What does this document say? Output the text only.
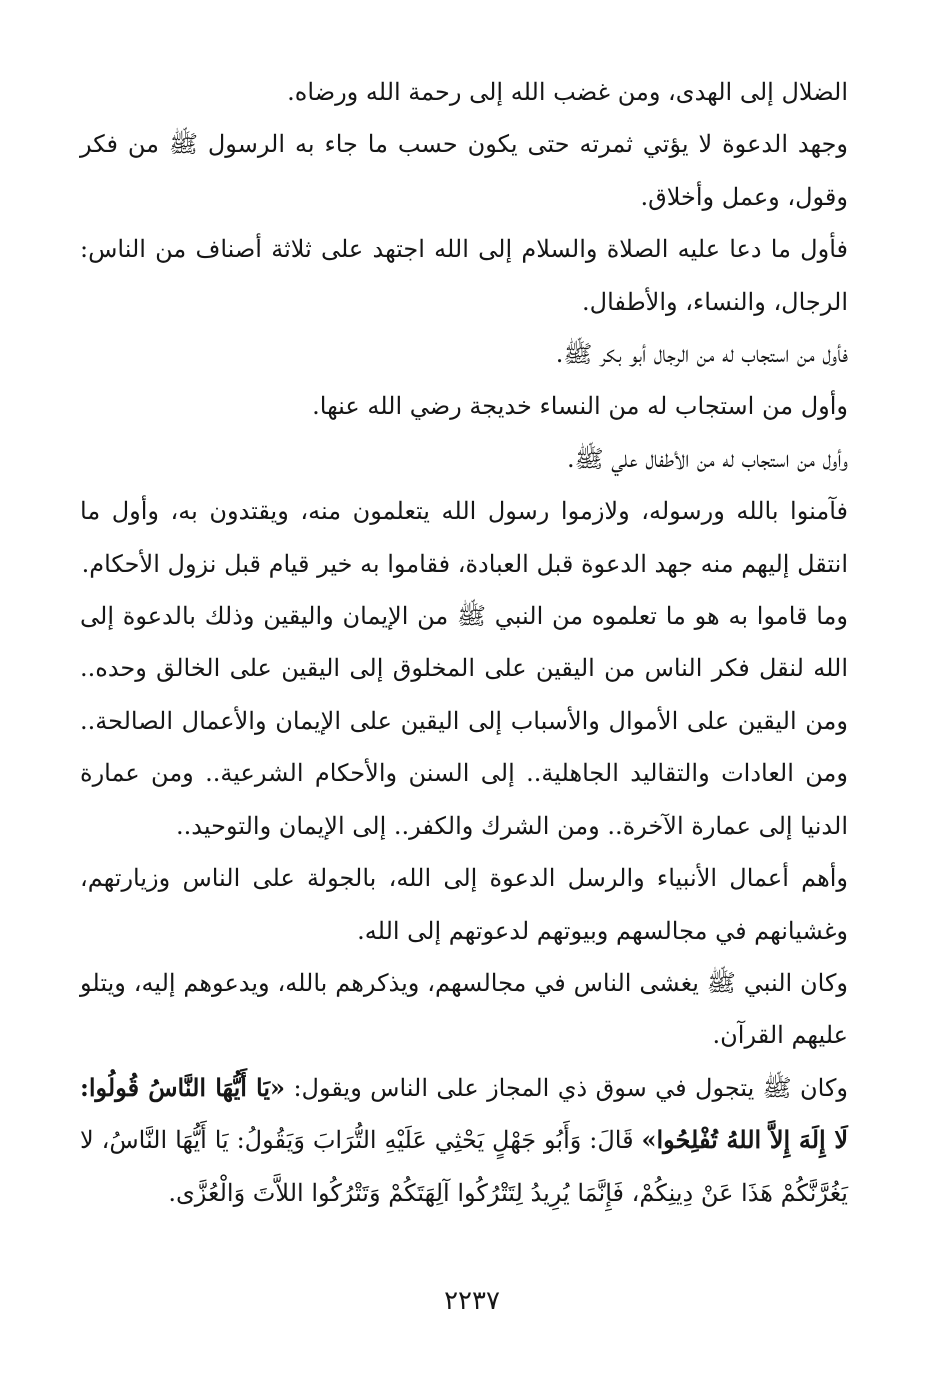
الضلال إلى الهدى، ومن غضب الله إلى رحمة الله ورضاه.

وجهد الدعوة لا يؤتي ثمرته حتى يكون حسب ما جاء به الرسول ﷺ من فكر وقول، وعمل وأخلاق.

فأول ما دعا عليه الصلاة والسلام إلى الله اجتهد على ثلاثة أصناف من الناس: الرجال، والنساء، والأطفال.

فأول من استجاب له من الرجال أبو بكر ﷺ.

وأول من استجاب له من النساء خديجة رضي الله عنها.

وأول من استجاب له من الأطفال علي ﷺ.

فآمنوا بالله ورسوله، ولازموا رسول الله يتعلمون منه، ويقتدون به، وأول ما انتقل إليهم منه جهد الدعوة قبل العبادة، فقاموا به خير قيام قبل نزول الأحكام.

وما قاموا به هو ما تعلموه من النبي ﷺ من الإيمان واليقين وذلك بالدعوة إلى الله لنقل فكر الناس من اليقين على المخلوق إلى اليقين على الخالق وحده.. ومن اليقين على الأموال والأسباب إلى اليقين على الإيمان والأعمال الصالحة.. ومن العادات والتقاليد الجاهلية.. إلى السنن والأحكام الشرعية.. ومن عمارة الدنيا إلى عمارة الآخرة.. ومن الشرك والكفر.. إلى الإيمان والتوحيد..

وأهم أعمال الأنبياء والرسل الدعوة إلى الله، بالجولة على الناس وزيارتهم، وغشيانهم في مجالسهم وبيوتهم لدعوتهم إلى الله.

وكان النبي ﷺ يغشى الناس في مجالسهم، ويذكرهم بالله، ويدعوهم إليه، ويتلو عليهم القرآن.

وكان ﷺ يتجول في سوق ذي المجاز على الناس ويقول: «يَا أَيُّهَا النَّاسُ قُولُوا: لَا إِلَهَ إِلاَّ اللهُ تُفْلِحُوا» قَالَ: وَأَبُو جَهْلٍ يَحْثِي عَلَيْهِ التُّرَابَ وَيَقُولُ: يَا أَيُّهَا النَّاسُ، لا يَغُرَّنَّكُمْ هَذَا عَنْ دِينِكُمْ، فَإِنَّمَا يُرِيدُ لِتَتْرُكُوا آلِهَتَكُمْ وَتَتْرُكُوا اللاَّتَ وَالْعُزَّى.

٢٢٣٧
